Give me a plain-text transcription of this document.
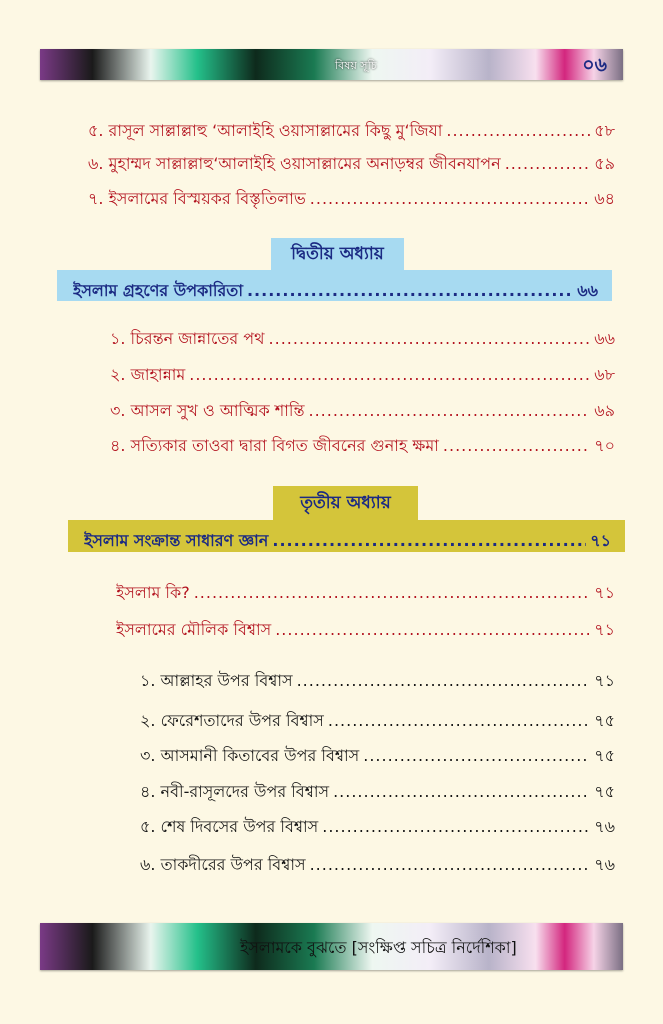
বিষয় সূচি	০৬
৫. রাসূল সাল্লাল্লাহু ‘আলাইহি ওয়াসাল্লামের কিছু মু‘জিযা .....	৫৮
৬. মুহাম্মদ সাল্লাল্লাহু‘আলাইহি ওয়াসাল্লামের অনাড়ম্বর জীবনযাপন .....	৫৯
৭. ইসলামের বিস্ময়কর বিস্তৃতিলাভ .....	৬৪
দ্বিতীয় অধ্যায়
ইসলাম গ্রহণের উপকারিতা .....	৬৬
১. চিরন্তন জান্নাতের পথ .....	৬৬
২. জাহান্নাম .....	৬৮
৩. আসল সুখ ও আত্মিক শান্তি .....	৬৯
৪. সত্যিকার তাওবা দ্বারা বিগত জীবনের গুনাহ ক্ষমা .....	৭০
তৃতীয় অধ্যায়
ইসলাম সংক্রান্ত সাধারণ জ্ঞান .....	৭১
ইসলাম কি? .....	৭১
ইসলামের মৌলিক বিশ্বাস .....	৭১
১. আল্লাহর উপর বিশ্বাস .....	৭১
২. ফেরেশতাদের উপর বিশ্বাস .....	৭৫
৩. আসমানী কিতাবের উপর বিশ্বাস .....	৭৫
৪. নবী-রাসূলদের উপর বিশ্বাস .....	৭৫
৫. শেষ দিবসের উপর বিশ্বাস .....	৭৬
৬. তাকদীরের উপর বিশ্বাস .....	৭৬
ইসলামকে বুঝতে [সংক্ষিপ্ত সচিত্র নির্দেশিকা]
